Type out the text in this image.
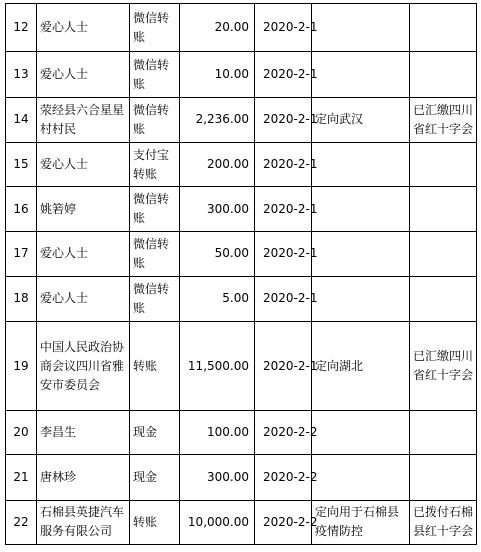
12	爱心人士	微信转账	20.00	2020-2-1		

13	爱心人士	微信转账	10.00	2020-2-1		

14	荥经县六合星星村村民	微信转账	2,236.00	2020-2-1	定向武汉	已汇缴四川省红十字会
15	爱心人士	支付宝转账	200.00	2020-2-1		

16	姚箬婷	微信转账	300.00	2020-2-1		

17	爱心人士	微信转账	50.00	2020-2-1		

18	爱心人士	微信转账	5.00	2020-2-1		

19	中国人民政治协商会议四川省雅安市委员会	转账	11,500.00	2020-2-1	定向湖北	已汇缴四川省红十字会
20	李昌生	现金	100.00	2020-2-2		

21	唐林珍	现金	300.00	2020-2-2		

22	石棉县英捷汽车服务有限公司	转账	10,000.00	2020-2-2	定向用于石棉县疫情防控	已拨付石棉县红十字会
